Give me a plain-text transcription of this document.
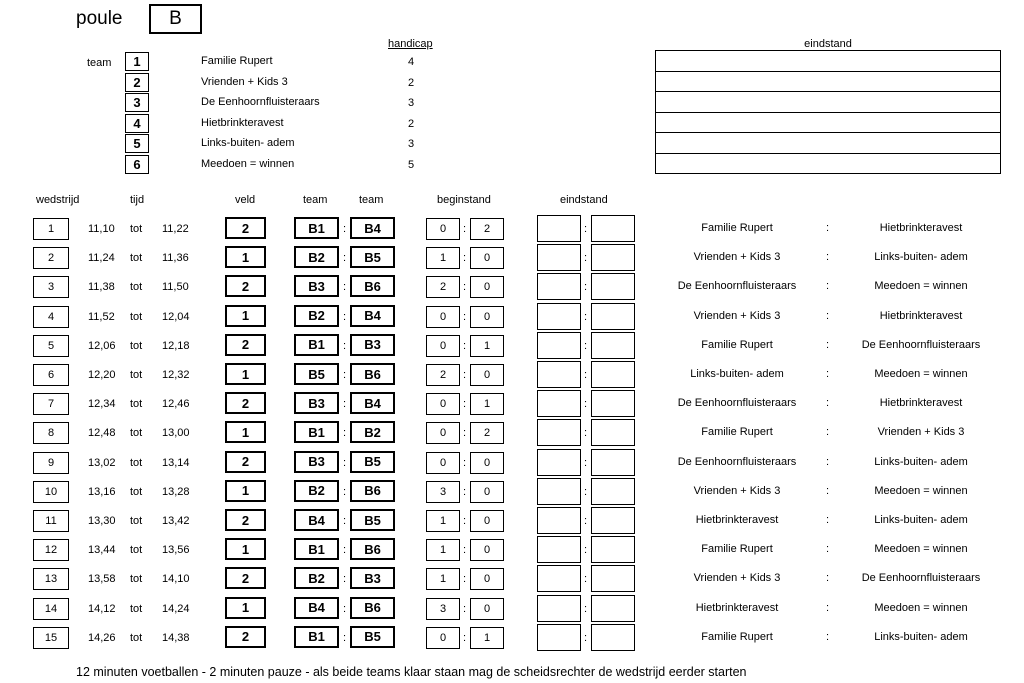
poule B
team
handicap
1	Familie Rupert	4
2	Vrienden + Kids 3	2
3	De Eenhoornfluisteraars	3
4	Hietbrinkteravest	2
5	Links-buiten- adem	3
6	Meedoen = winnen	5
eindstand
wedstrijd	tijd	veld	team	team	beginstand	eindstand
1	11,10 tot 11,22	2	B1 : B4	0 : 2	:	Familie Rupert	:	Hietbrinkteravest
2	11,24 tot 11,36	1	B2 : B5	1 : 0	:	Vrienden + Kids 3	:	Links-buiten- adem
3	11,38 tot 11,50	2	B3 : B6	2 : 0	:	De Eenhoornfluisteraars	:	Meedoen = winnen
4	11,52 tot 12,04	1	B2 : B4	0 : 0	:	Vrienden + Kids 3	:	Hietbrinkteravest
5	12,06 tot 12,18	2	B1 : B3	0 : 1	:	Familie Rupert	:	De Eenhoornfluisteraars
6	12,20 tot 12,32	1	B5 : B6	2 : 0	:	Links-buiten- adem	:	Meedoen = winnen
7	12,34 tot 12,46	2	B3 : B4	0 : 1	:	De Eenhoornfluisteraars	:	Hietbrinkteravest
8	12,48 tot 13,00	1	B1 : B2	0 : 2	:	Familie Rupert	:	Vrienden + Kids 3
9	13,02 tot 13,14	2	B3 : B5	0 : 0	:	De Eenhoornfluisteraars	:	Links-buiten- adem
10	13,16 tot 13,28	1	B2 : B6	3 : 0	:	Vrienden + Kids 3	:	Meedoen = winnen
11	13,30 tot 13,42	2	B4 : B5	1 : 0	:	Hietbrinkteravest	:	Links-buiten- adem
12	13,44 tot 13,56	1	B1 : B6	1 : 0	:	Familie Rupert	:	Meedoen = winnen
13	13,58 tot 14,10	2	B2 : B3	1 : 0	:	Vrienden + Kids 3	:	De Eenhoornfluisteraars
14	14,12 tot 14,24	1	B4 : B6	3 : 0	:	Hietbrinkteravest	:	Meedoen = winnen
15	14,26 tot 14,38	2	B1 : B5	0 : 1	:	Familie Rupert	:	Links-buiten- adem
12 minuten voetballen - 2 minuten pauze - als beide teams klaar staan mag de scheidsrechter de wedstrijd eerder starten
